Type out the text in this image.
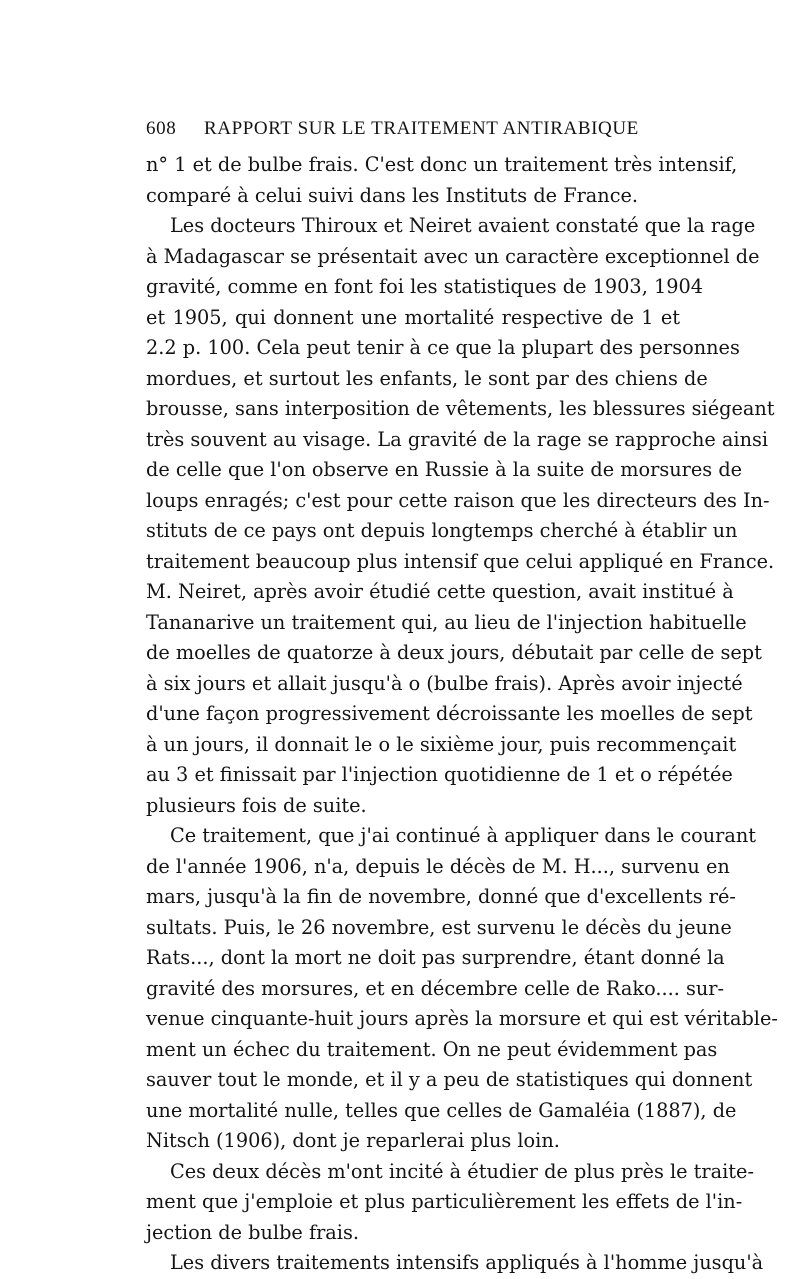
608 RAPPORT SUR LE TRAITEMENT ANTIRABIQUE
n° 1 et de bulbe frais. C'est donc un traitement très intensif,
comparé à celui suivi dans les Instituts de France.
Les docteurs Thiroux et Neiret avaient constaté que la rage
à Madagascar se présentait avec un caractère exceptionnel de
gravité, comme en font foi les statistiques de 1903, 1904
et 1905, qui donnent une mortalité respective de 1 et
2.2 p. 100. Cela peut tenir à ce que la plupart des personnes
mordues, et surtout les enfants, le sont par des chiens de
brousse, sans interposition de vêtements, les blessures siégeant
très souvent au visage. La gravité de la rage se rapproche ainsi
de celle que l'on observe en Russie à la suite de morsures de
loups enragés; c'est pour cette raison que les directeurs des In-
stituts de ce pays ont depuis longtemps cherché à établir un
traitement beaucoup plus intensif que celui appliqué en France.
M. Neiret, après avoir étudié cette question, avait institué à
Tananarive un traitement qui, au lieu de l'injection habituelle
de moelles de quatorze à deux jours, débutait par celle de sept
à six jours et allait jusqu'à o (bulbe frais). Après avoir injecté
d'une façon progressivement décroissante les moelles de sept
à un jours, il donnait le o le sixième jour, puis recommençait
au 3 et finissait par l'injection quotidienne de 1 et o répétée
plusieurs fois de suite.
Ce traitement, que j'ai continué à appliquer dans le courant
de l'année 1906, n'a, depuis le décès de M. H..., survenu en
mars, jusqu'à la fin de novembre, donné que d'excellents ré-
sultats. Puis, le 26 novembre, est survenu le décès du jeune
Rats..., dont la mort ne doit pas surprendre, étant donné la
gravité des morsures, et en décembre celle de Rako.... sur-
venue cinquante-huit jours après la morsure et qui est véritable-
ment un échec du traitement. On ne peut évidemment pas
sauver tout le monde, et il y a peu de statistiques qui donnent
une mortalité nulle, telles que celles de Gamaléia (1887), de
Nitsch (1906), dont je reparlerai plus loin.
Ces deux décès m'ont incité à étudier de plus près le traite-
ment que j'emploie et plus particulièrement les effets de l'in-
jection de bulbe frais.
Les divers traitements intensifs appliqués à l'homme jusqu'à
